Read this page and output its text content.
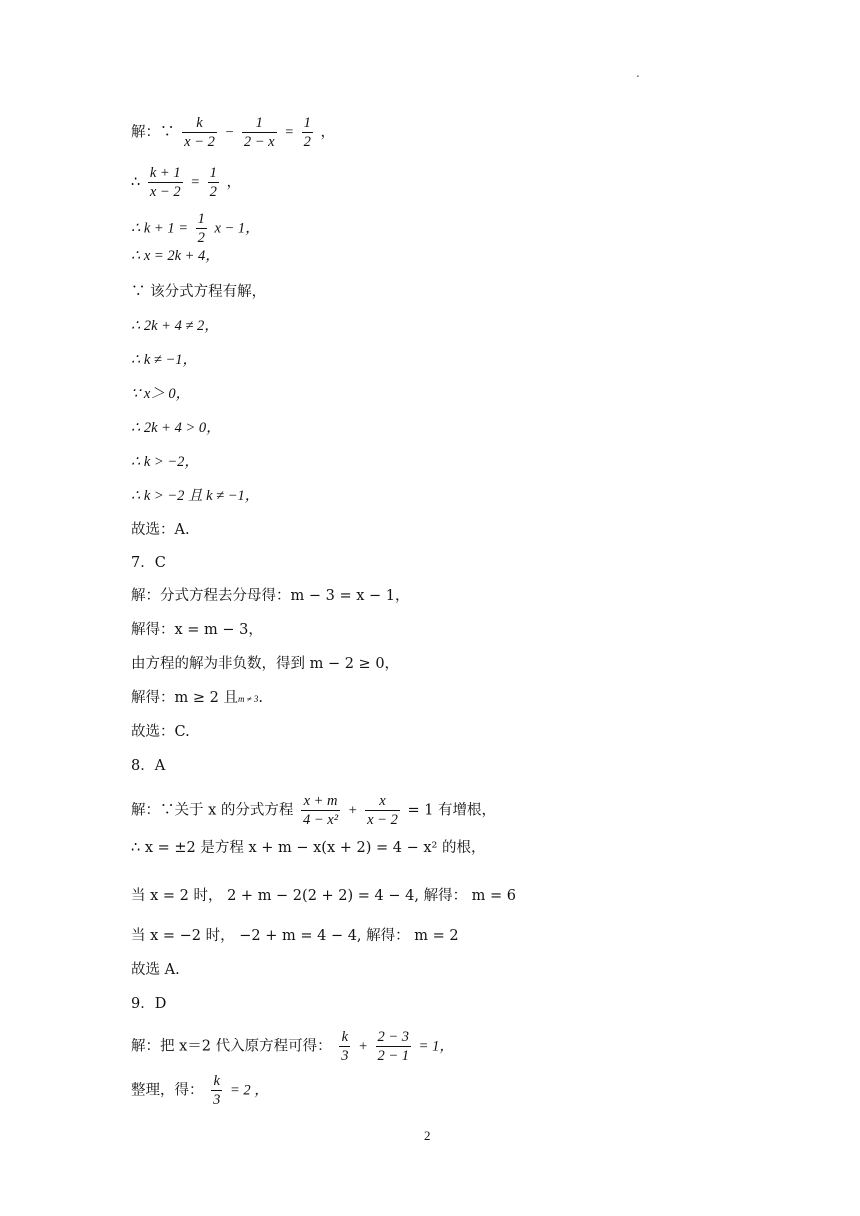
.
解：∵ $\frac{k}{x - 2} - \frac{1}{2 - x} = \frac{1}{2}$ ，
∴ $\frac{k + 1}{x - 2} = \frac{1}{2}$ ，
∴ $k + 1 = \frac{1}{2}$ x − 1，
∴ x = 2k + 4，
∵ 该分式方程有解，
∴ 2k + 4 ≠ 2，
∴ k ≠ −1，
∵ x＞ 0，
∴ 2k + 4 > 0，
∴ k > −2，
∴ k > −2 且 k ≠ −1，
故选：A.
7．C
解：分式方程去分母得：m − 3 = x − 1，
解得：x = m − 3，
由方程的解为非负数，得到 m − 2 ≥ 0，
解得：m ≥ 2 且m ≠ 3.
故选：C.
8．A
解：∵关于 x 的分式方程 $\frac{x + m}{\text{4 − x²}} + \frac{x}{x - 2} = 1$ 有增根，
∴ x = ±2 是方程 x + m − x(x + 2) = 4 − x² 的根，
当 x = 2 时， 2 + m − 2(2 + 2) = 4 − 4, 解得： m = 6
当 x = −2 时， −2 + m = 4 − 4, 解得： m = 2
故选 A.
9．D
解：把 x＝2 代入原方程可得： $\frac{k}{3} + \frac{2 - 3}{2 - 1} = 1$，
整理，得： $\frac{k}{3} = 2$ ，
2
